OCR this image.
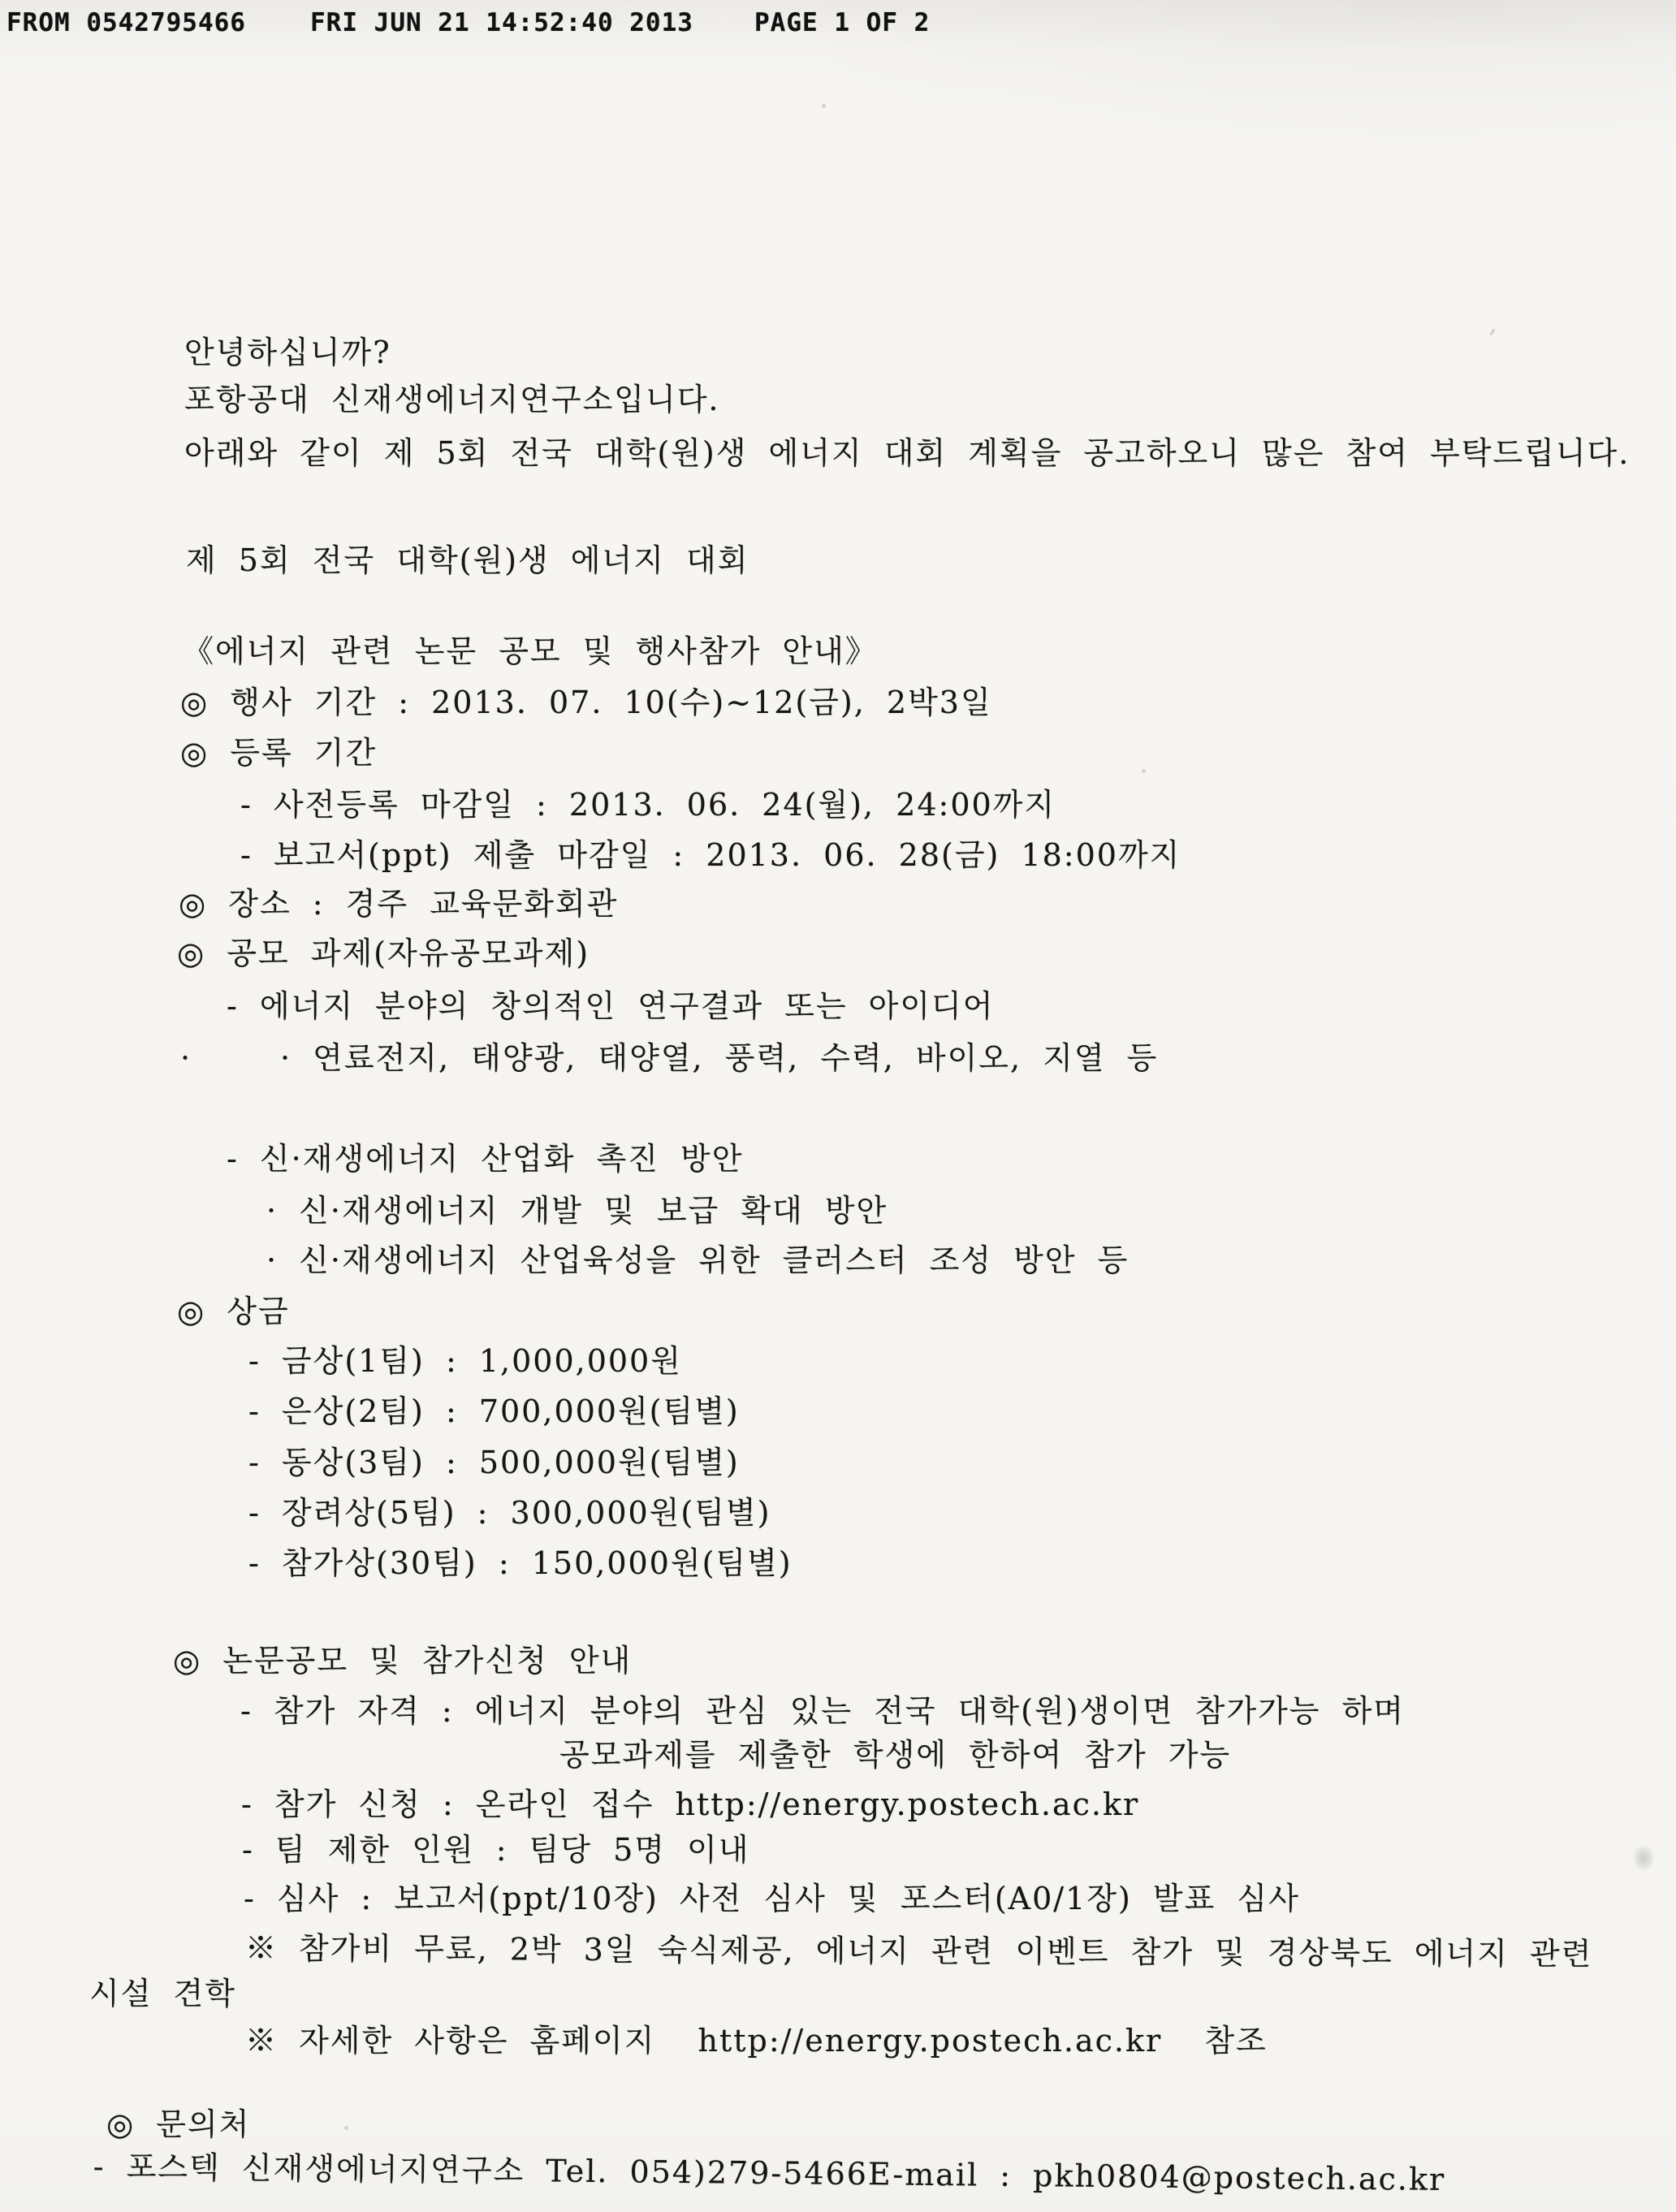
FROM 0542795466	FRI JUN 21 14:52:40 2013 PAGE 1 OF 2
안녕하십니까?
포항공대 신재생에너지연구소입니다.
아래와 같이 제 5회 전국 대학(원)생 에너지 대회 계획을 공고하오니 많은 참여 부탁드립니다.
제 5회 전국 대학(원)생 에너지 대회
《에너지 관련 논문 공모 및 행사참가 안내》
◎ 행사 기간 : 2013. 07. 10(수)~12(금), 2박3일
◎ 등록 기간
- 사전등록 마감일 : 2013. 06. 24(월), 24:00까지
- 보고서(ppt) 제출 마감일 : 2013. 06. 28(금) 18:00까지
◎ 장소 : 경주 교육문화회관
◎ 공모 과제(자유공모과제)
- 에너지 분야의 창의적인 연구결과 또는 아이디어
·	· 연료전지, 태양광, 태양열, 풍력, 수력, 바이오, 지열 등
- 신·재생에너지 산업화 촉진 방안
· 신·재생에너지 개발 및 보급 확대 방안
· 신·재생에너지 산업육성을 위한 클러스터 조성 방안 등
◎ 상금
- 금상(1팀) : 1,000,000원
- 은상(2팀) : 700,000원(팀별)
- 동상(3팀) : 500,000원(팀별)
- 장려상(5팀) : 300,000원(팀별)
- 참가상(30팀) : 150,000원(팀별)
◎ 논문공모 및 참가신청 안내
- 참가 자격 : 에너지 분야의 관심 있는 전국 대학(원)생이면 참가가능 하며
공모과제를 제출한 학생에 한하여 참가 가능
- 참가 신청 : 온라인 접수 http://energy.postech.ac.kr
- 팀 제한 인원 : 팀당 5명 이내
- 심사 : 보고서(ppt/10장) 사전 심사 및 포스터(A0/1장) 발표 심사
※ 참가비 무료, 2박 3일 숙식제공, 에너지 관련 이벤트 참가 및 경상북도 에너지 관련
시설 견학
※ 자세한 사항은 홈페이지  http://energy.postech.ac.kr  참조
◎ 문의처
- 포스텍 신재생에너지연구소 Tel. 054)279-5466E-mail : pkh0804@postech.ac.kr
